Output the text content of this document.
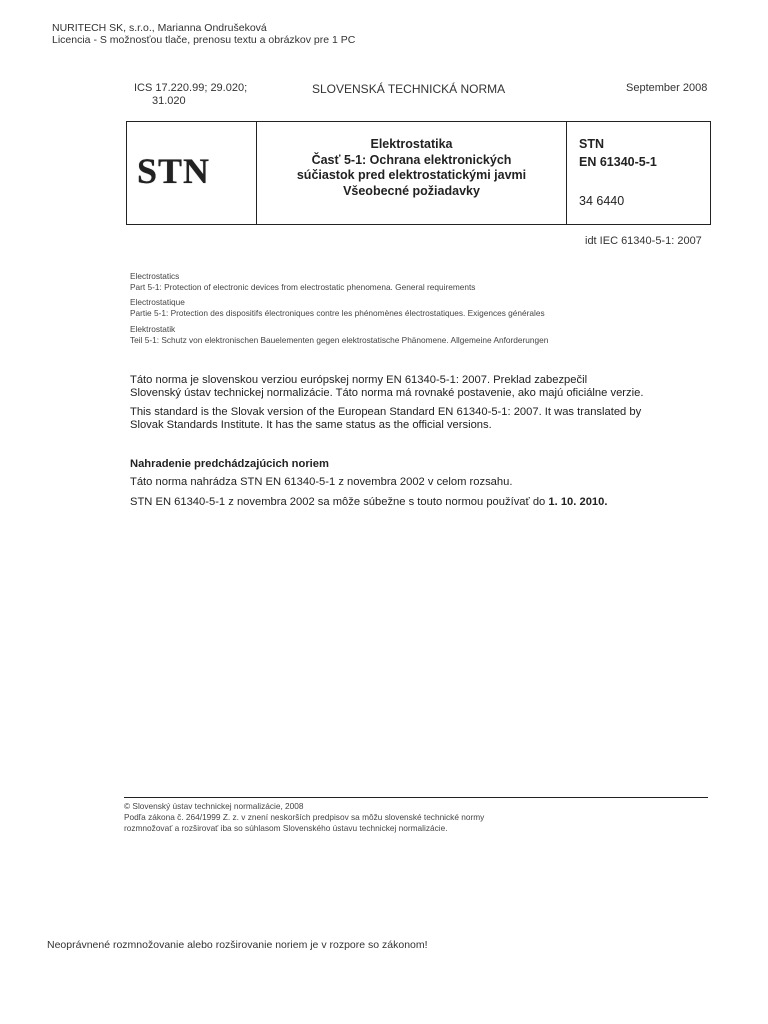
NURITECH SK, s.r.o., Marianna Ondrušeková
Licencia - S možnosťou tlače, prenosu textu a obrázkov pre 1 PC
ICS 17.220.99; 29.020;
31.020
SLOVENSKÁ TECHNICKÁ NORMA	September 2008
STN
Elektrostatika
Časť 5-1: Ochrana elektronických
súčiastok pred elektrostatickými javmi
Všeobecné požiadavky
STN
EN 61340-5-1
34 6440
idt IEC 61340-5-1: 2007
Electrostatics
Part 5-1: Protection of electronic devices from electrostatic phenomena. General requirements
Electrostatique
Partie 5-1: Protection des dispositifs électroniques contre les phénomènes électrostatiques. Exigences générales
Elektrostatik
Teil 5-1: Schutz von elektronischen Bauelementen gegen elektrostatische Phänomene. Allgemeine Anforderungen
Táto norma je slovenskou verziou európskej normy EN 61340-5-1: 2007. Preklad zabezpečil
Slovenský ústav technickej normalizácie. Táto norma má rovnaké postavenie, ako majú oficiálne verzie.
This standard is the Slovak version of the European Standard EN 61340-5-1: 2007. It was translated by
Slovak Standards Institute. It has the same status as the official versions.
Nahradenie predchádzajúcich noriem
Táto norma nahrádza STN EN 61340-5-1 z novembra 2002 v celom rozsahu.
STN EN 61340-5-1 z novembra 2002 sa môže súbežne s touto normou používať do 1. 10. 2010.
© Slovenský ústav technickej normalizácie, 2008
Podľa zákona č. 264/1999 Z. z. v znení neskorších predpisov sa môžu slovenské technické normy
rozmnožovať a rozširovať iba so súhlasom Slovenského ústavu technickej normalizácie.
Neoprávnené rozmnožovanie alebo rozširovanie noriem je v rozpore so zákonom!
